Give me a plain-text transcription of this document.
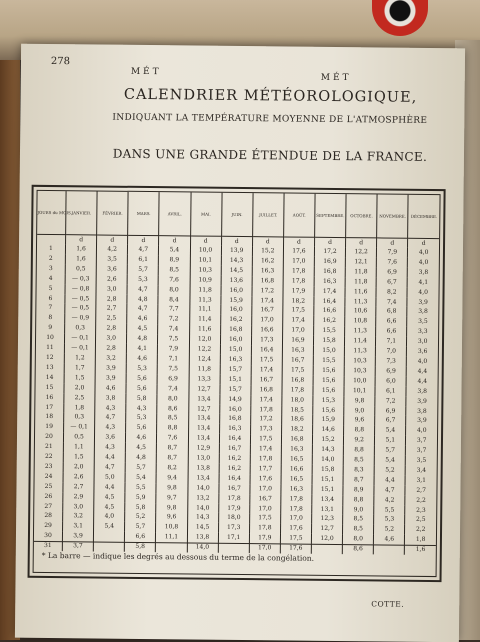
278
MÉT
MÉT
CALENDRIER MÉTÉOROLOGIQUE,
INDIQUANT LA TEMPÉRATURE MOYENNE DE L'ATMOSPHÈRE
DANS UNE GRANDE ÉTENDUE DE LA FRANCE.
JOURS du MOIS.	JANVIER.	FÉVRIER.	MARS.	AVRIL.	MAI.	JUIN.	JUILLET.	AOÛT.	SEPTEMBRE.	OCTOBRE.	NOVEMBRE.	DÉCEMBRE.
	d	d	d	d	d	d	d	d	d	d	d	d
1	1,6	4,2	4,7	5,4	10,0	13,9	15,2	17,6	17,2	12,2	7,9	4,0
2	1,6	3,5	6,1	8,9	10,1	14,3	16,2	17,0	16,9	12,1	7,6	4,0
3	0,5	3,6	5,7	8,5	10,3	14,5	16,3	17,8	16,8	11,8	6,9	3,8
4	— 0,3	2,6	5,3	7,6	10,9	13,6	16,8	17,8	16,3	11,8	6,7	4,1
5	— 0,8	3,0	4,7	8,0	11,8	16,0	17,2	17,9	17,4	11,6	8,2	4,0
6	— 0,5	2,8	4,8	8,4	11,3	15,9	17,4	18,2	16,4	11,3	7,4	3,9
7	— 0,5	2,7	4,7	7,7	11,1	16,0	16,7	17,5	16,6	10,6	6,8	3,8
8	— 0,9	2,5	4,6	7,2	11,4	16,2	17,0	17,4	16,2	10,8	6,6	3,5
9	0,3	2,8	4,5	7,4	11,6	16,8	16,6	17,0	15,5	11,3	6,6	3,3
10	— 0,1	3,0	4,8	7,5	12,0	16,0	17,3	16,9	15,8	11,4	7,1	3,0
11	— 0,1	2,8	4,1	7,9	12,2	15,0	16,4	16,3	15,0	11,3	7,0	3,6
12	1,2	3,2	4,6	7,1	12,4	16,3	17,5	16,7	15,5	10,3	7,3	4,0
13	1,7	3,9	5,3	7,5	11,8	15,7	17,4	17,5	15,6	10,3	6,9	4,4
14	1,5	3,9	5,6	6,9	13,3	15,1	16,7	16,8	15,6	10,0	6,0	4,4
15	2,0	4,6	5,6	7,4	12,7	15,7	16,8	17,8	15,6	10,1	6,1	3,8
16	2,5	3,8	5,8	8,0	13,4	14,9	17,4	18,0	15,3	9,8	7,2	3,9
17	1,8	4,3	4,3	8,6	12,7	16,0	17,8	18,5	15,6	9,0	6,9	3,8
18	0,3	4,7	5,3	8,5	13,4	16,8	17,2	18,6	15,9	9,6	6,7	3,9
19	— 0,1	4,3	5,6	8,8	13,4	16,3	17,3	18,2	14,6	8,8	5,4	4,0
20	0,5	3,6	4,6	7,6	13,4	16,4	17,5	16,8	15,2	9,2	5,1	3,7
21	1,1	4,3	4,5	8,7	12,9	16,7	17,4	16,3	14,3	8,8	5,7	3,7
22	1,5	4,4	4,8	8,7	13,0	16,2	17,8	16,5	14,0	8,5	5,4	3,5
23	2,0	4,7	5,7	8,2	13,8	16,2	17,7	16,6	15,8	8,3	5,2	3,4
24	2,6	5,0	5,4	9,4	13,4	16,4	17,6	16,5	15,1	8,7	4,4	3,1
25	2,7	4,4	5,5	9,8	14,0	16,7	17,0	16,3	15,1	8,9	4,7	2,7
26	2,9	4,5	5,9	9,7	13,2	17,8	16,7	17,8	13,4	8,8	4,2	2,2
27	3,0	4,5	5,8	9,8	14,0	17,9	17,0	17,8	13,1	9,0	5,5	2,3
28	3,2	4,0	5,2	9,6	14,3	18,0	17,5	17,0	12,3	8,5	5,3	2,5
29	3,1	5,4	5,7	10,8	14,5	17,3	17,8	17,6	12,7	8,5	5,2	2,2
30	3,9		6,6	11,1	13,8	17,1	17,9	17,5	12,0	8,0	4,6	1,8
31	3,7		5,8		14,0		17,0	17,6		8,6		1,6
* La barre — indique les degrés au dessous du terme de la congélation.
COTTE.
